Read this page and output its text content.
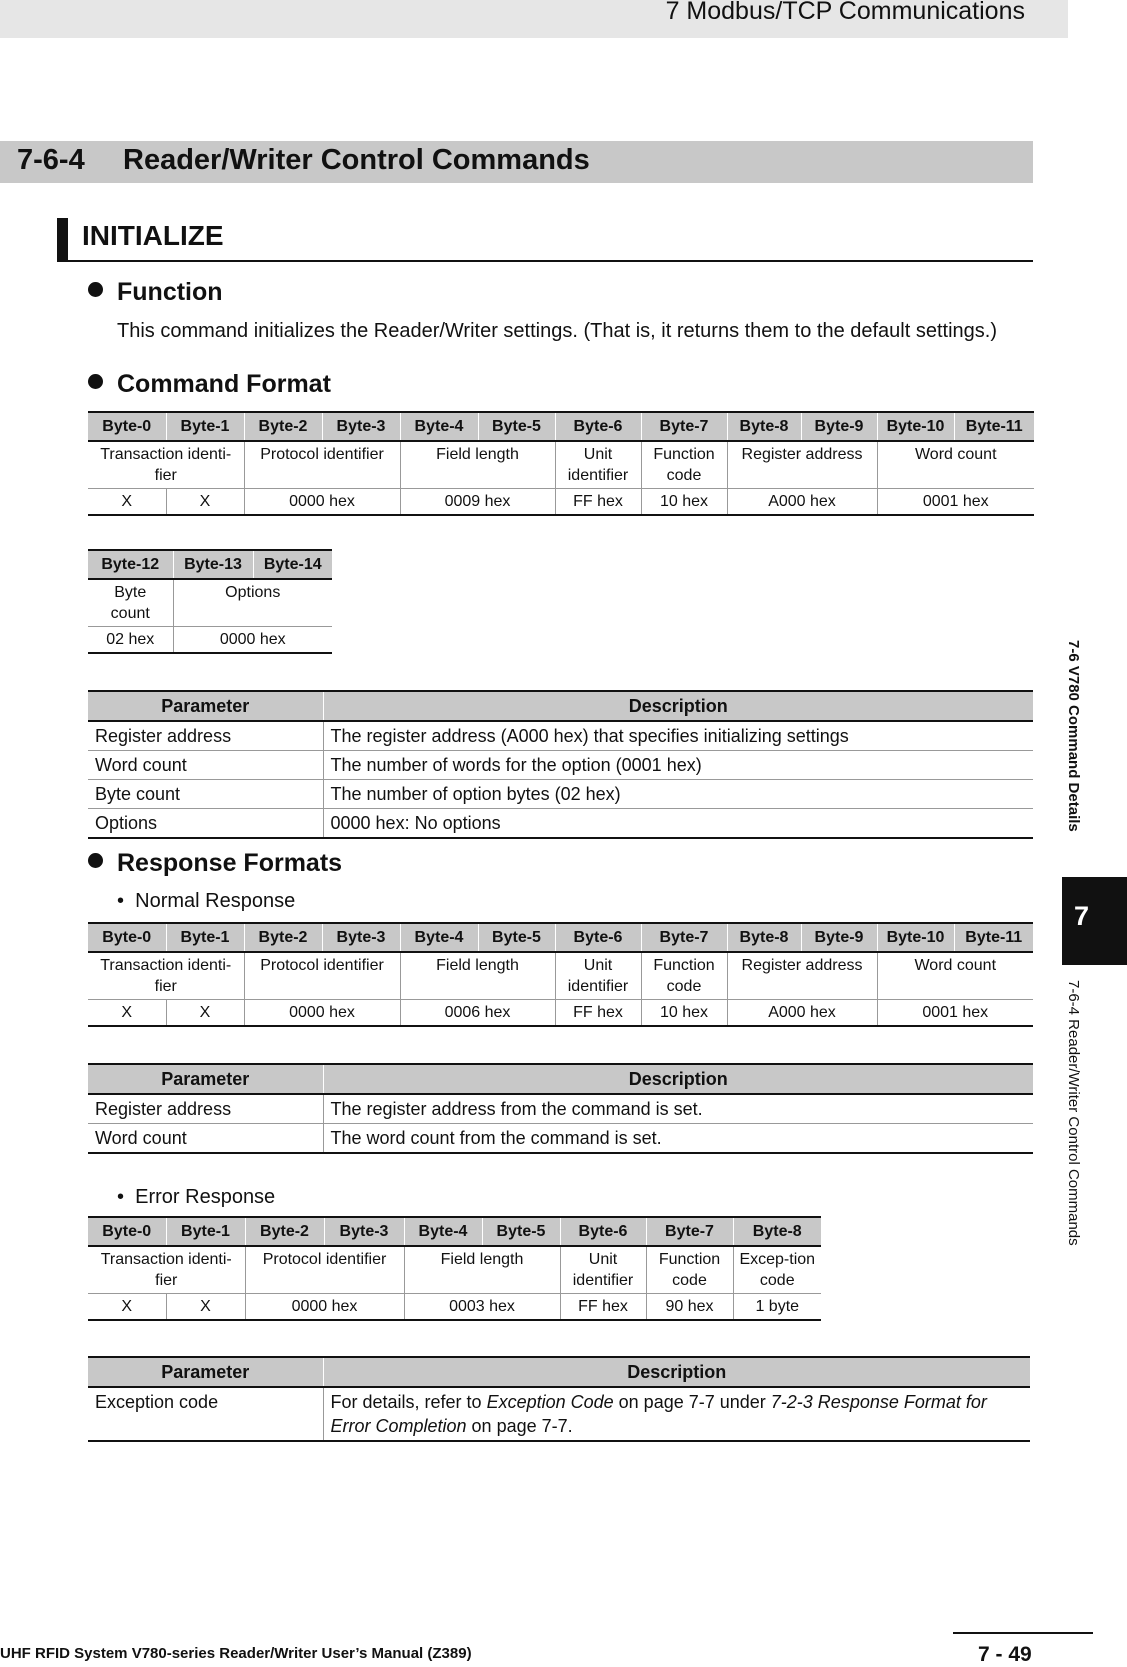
7 Modbus/TCP Communications
7-6-4 Reader/Writer Control Commands
INITIALIZE
Function
This command initializes the Reader/Writer settings. (That is, it returns them to the default settings.)
Command Format
Byte-0	Byte-1	Byte-2	Byte-3	Byte-4	Byte-5	Byte-6	Byte-7	Byte-8	Byte-9	Byte-10	Byte-11
Transaction identi-fier		Protocol identifier		Field length		Unit identifier	Function code	Register address		Word count	
X	X	0000 hex		0009 hex		FF hex	10 hex	A000 hex		0001 hex	
Byte-12	Byte-13	Byte-14
Byte count	Options	
02 hex	0000 hex	
Parameter	Description
Register address	The register address (A000 hex) that specifies initializing settings
Word count	The number of words for the option (0001 hex)
Byte count	The number of option bytes (02 hex)
Options	0000 hex: No options
Response Formats
•  Normal Response
Byte-0	Byte-1	Byte-2	Byte-3	Byte-4	Byte-5	Byte-6	Byte-7	Byte-8	Byte-9	Byte-10	Byte-11
Transaction identi-fier		Protocol identifier		Field length		Unit identifier	Function code	Register address		Word count	
X	X	0000 hex		0006 hex		FF hex	10 hex	A000 hex		0001 hex	
Parameter	Description
Register address	The register address from the command is set.
Word count	The word count from the command is set.
•  Error Response
Byte-0	Byte-1	Byte-2	Byte-3	Byte-4	Byte-5	Byte-6	Byte-7	Byte-8
Transaction identi-fier		Protocol identifier		Field length		Unit identifier	Function code	Excep-tion code
X	X	0000 hex		0003 hex		FF hex	90 hex	1 byte
Parameter	Description
Exception code	For details, refer to Exception Code on page 7-7 under 7-2-3 Response Format for Error Completion on page 7-7.
7-6 V780 Command Details
7
7-6-4 Reader/Writer Control Commands
UHF RFID System V780-series Reader/Writer User’s Manual (Z389)	7 - 49
